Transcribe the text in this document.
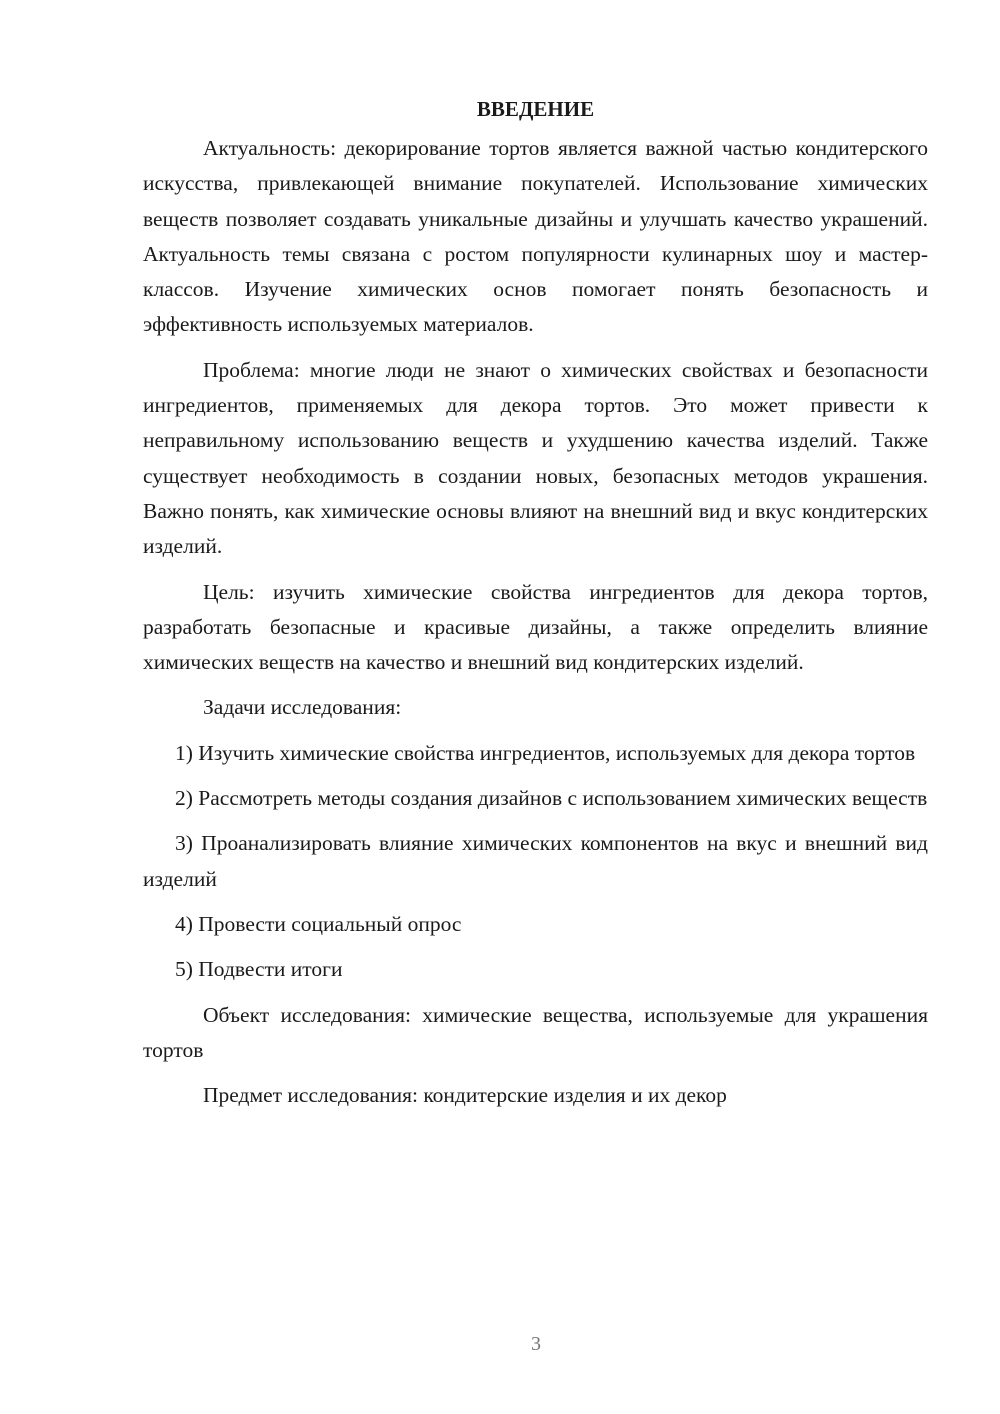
ВВЕДЕНИЕ

Актуальность: декорирование тортов является важной частью кондитерского искусства, привлекающей внимание покупателей. Использование химических веществ позволяет создавать уникальные дизайны и улучшать качество украшений. Актуальность темы связана с ростом популярности кулинарных шоу и мастер-классов. Изучение химических основ помогает понять безопасность и эффективность используемых материалов.

Проблема: многие люди не знают о химических свойствах и безопасности ингредиентов, применяемых для декора тортов. Это может привести к неправильному использованию веществ и ухудшению качества изделий. Также существует необходимость в создании новых, безопасных методов украшения. Важно понять, как химические основы влияют на внешний вид и вкус кондитерских изделий.

Цель: изучить химические свойства ингредиентов для декора тортов, разработать безопасные и красивые дизайны, а также определить влияние химических веществ на качество и внешний вид кондитерских изделий.

Задачи исследования:

1) Изучить химические свойства ингредиентов, используемых для декора тортов

2) Рассмотреть методы создания дизайнов с использованием химических веществ

3) Проанализировать влияние химических компонентов на вкус и внешний вид изделий

4) Провести социальный опрос

5) Подвести итоги

Объект исследования: химические вещества, используемые для украшения тортов

Предмет исследования: кондитерские изделия и их декор

3
